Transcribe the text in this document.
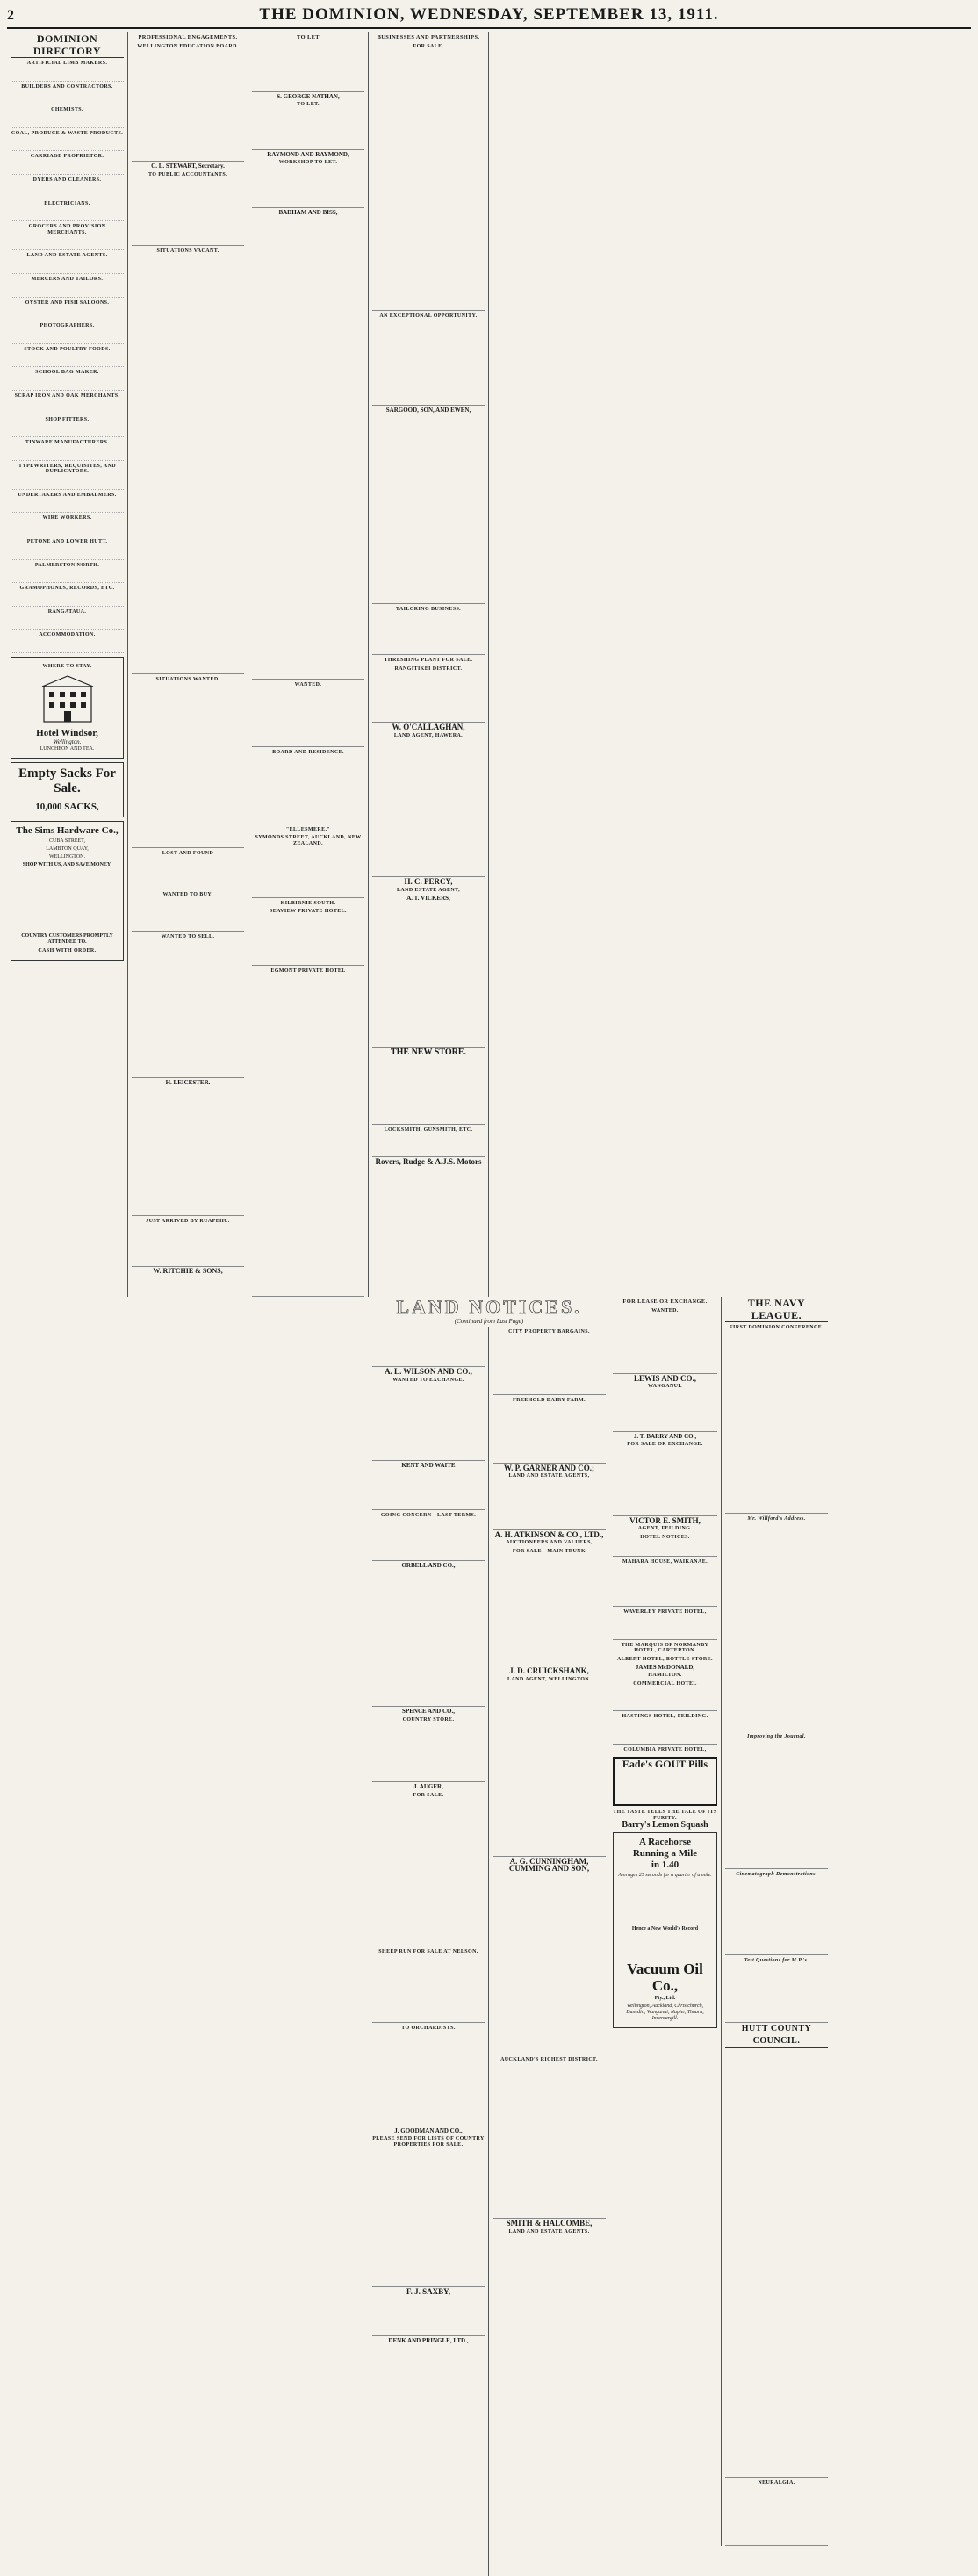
2	THE DOMINION, WEDNESDAY, SEPTEMBER 13, 1911.
DOMINION DIRECTORY
ARTIFICIAL LIMB MAKERS.
BUILDERS AND CONTRACTORS.
CHEMISTS.
COAL, PRODUCE & WASTE PRODUCTS.
CARRIAGE PROPRIETOR.
DYERS AND CLEANERS.
ELECTRICIANS.
GROCERS AND PROVISION MERCHANTS.
LAND AND ESTATE AGENTS.
MERCERS AND TAILORS.
OYSTER AND FISH SALOONS.
PHOTOGRAPHERS.
STOCK AND POULTRY FOODS.
SCHOOL BAG MAKER.
SCRAP IRON AND OAK MERCHANTS.
SHOP FITTERS.
TINWARE MANUFACTURERS.
TYPEWRITERS, REQUISITES, AND DUPLICATORS.
UNDERTAKERS AND EMBALMERS.
WIRE WORKERS.
PETONE AND LOWER HUTT.
PALMERSTON NORTH.
GRAMOPHONES, RECORDS, ETC.
RANGATAUA.
ACCOMMODATION.
WHERE TO STAY.
Hotel Windsor,
Wellington.

LUNCHEON AND TEA.

Empty Sacks For
Sale.
10,000 SACKS,
The Sims Hardware Co.,

CUBA STREET,

LAMBTON QUAY,

WELLINGTON.

SHOP WITH US, AND SAVE MONEY.

COUNTRY CUSTOMERS PROMPTLY ATTENDED TO.

CASH WITH ORDER.
PROFESSIONAL ENGAGEMENTS.
WELLINGTON EDUCATION BOARD.
C. L. STEWART, Secretary.
TO PUBLIC ACCOUNTANTS.
SITUATIONS VACANT.
SITUATIONS WANTED.
LOST AND FOUND
WANTED TO BUY.
WANTED TO SELL.
H. LEICESTER.
JUST ARRIVED BY RUAPEHU.
W. RITCHIE & SONS,
TO LET
S. GEORGE NATHAN,
TO LET.
RAYMOND AND RAYMOND,
WORKSHOP TO LET.
BADHAM AND BISS,
WANTED.
BOARD AND RESIDENCE.
"ELLESMERE,"
SYMONDS STREET, AUCKLAND, NEW ZEALAND.
KILBIRNIE SOUTH.
SEAVIEW PRIVATE HOTEL.
EGMONT PRIVATE HOTEL
BUSINESSES AND PARTNERSHIPS.
FOR SALE.
AN EXCEPTIONAL OPPORTUNITY.
SARGOOD, SON, AND EWEN,
TAILORING BUSINESS.
THRESHING PLANT FOR SALE.
RANGITIKEI DISTRICT.
W. O'CALLAGHAN,
LAND AGENT, HAWERA.
H. C. PERCY,
LAND ESTATE AGENT,
A. T. VICKERS,
THE NEW STORE.
LOCKSMITH, GUNSMITH, ETC.
Rovers, Rudge & A.J.S. Motors
LAND NOTICES.
(Continued from Last Page)
A. L. WILSON AND CO.,
WANTED TO EXCHANGE.
KENT AND WAITE
GOING CONCERN—LAST TERMS.
ORBELL AND CO.,
SPENCE AND CO.,
COUNTRY STORE.
J. AUGER,
FOR SALE.
SHEEP RUN FOR SALE AT NELSON.
TO ORCHARDISTS.
J. GOODMAN AND CO.,
PLEASE SEND FOR LISTS OF COUNTRY PROPERTIES FOR SALE.
F. J. SAXBY,
DENK AND PRINGLE, LTD.,
CITY PROPERTY BARGAINS.
FREEHOLD DAIRY FARM.
W. P. GARNER AND CO.;
LAND AND ESTATE AGENTS,
A. H. ATKINSON & CO., LTD.,
AUCTIONEERS AND VALUERS,
FOR SALE—MAIN TRUNK
J. D. CRUICKSHANK,
LAND AGENT, WELLINGTON.
A. G. CUNNINGHAM,
CUMMING AND SON,
AUCKLAND'S RICHEST DISTRICT.
SMITH & HALCOMBE,
LAND AND ESTATE AGENTS.
FOR LEASE OR EXCHANGE.
WANTED.
LEWIS AND CO.,
WANGANUI.
J. T. BARRY AND CO.,
FOR SALE OR EXCHANGE.
VICTOR E. SMITH,
AGENT, FEILDING.
HOTEL NOTICES.
MAHARA HOUSE, WAIKANAE.
WAVERLEY PRIVATE HOTEL,
THE MARQUIS OF NORMANBY HOTEL, CARTERTON.
ALBERT HOTEL, BOTTLE STORE.
JAMES McDONALD,
HAMILTON.
COMMERCIAL HOTEL
HASTINGS HOTEL, FEILDING.
COLUMBIA PRIVATE HOTEL,
Eade's GOUT Pills
THE TASTE TELLS THE TALE OF ITS PURITY.
Barry's Lemon Squash
A Racehorse
Running a Mile
in 1.40

Averages 25 seconds for a quarter of a mile.

Hence a New World's Record

Vacuum Oil Co.,

Pty., Ltd.

Wellington, Auckland, Christchurch, Dunedin, Wanganui, Napier, Timaru, Invercargill.

THE NAVY LEAGUE.
FIRST DOMINION CONFERENCE.
Mr. Willford's Address.
Improving the Journal.
Cinematograph Demonstrations.
Test Questions for M.P.'s.
HUTT COUNTY COUNCIL.
NEURALGIA.
